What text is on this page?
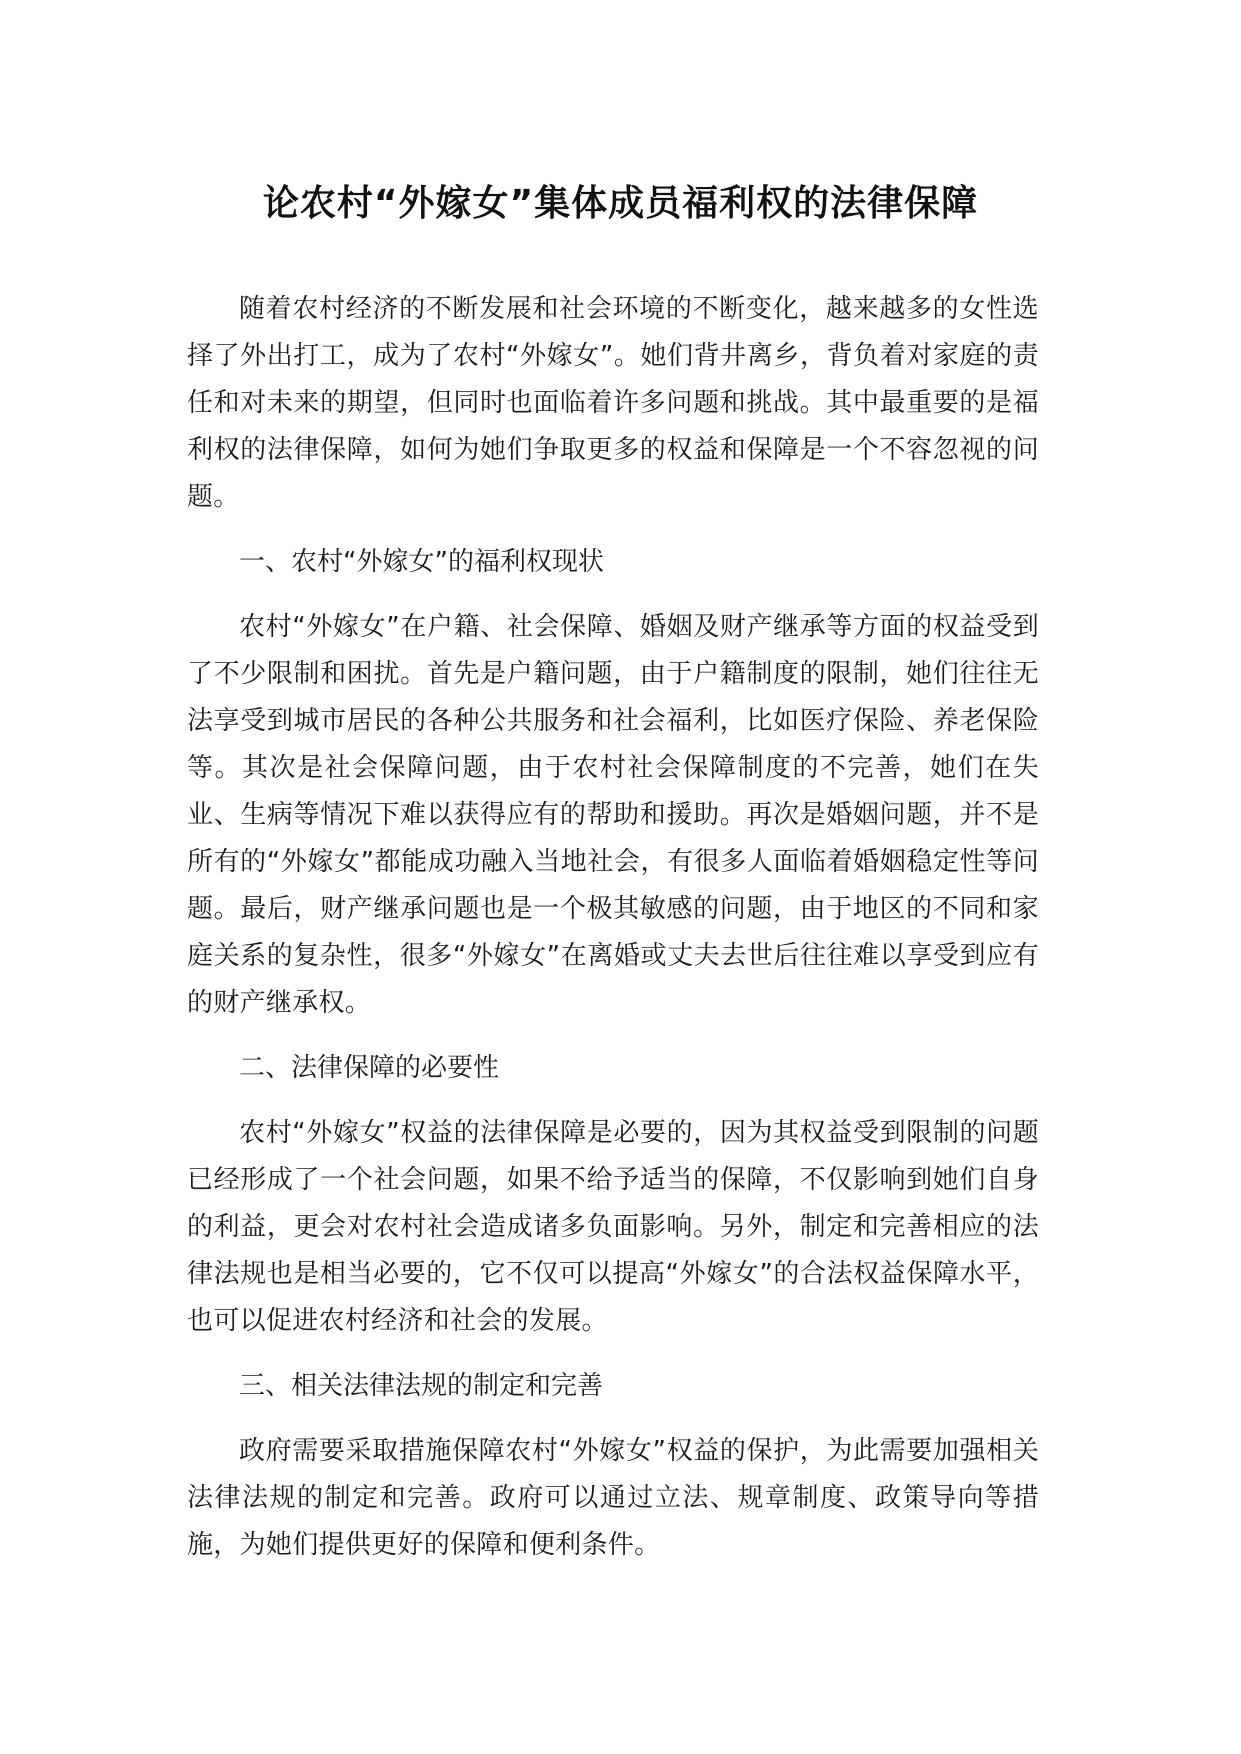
论农村“外嫁女”集体成员福利权的法律保障

随着农村经济的不断发展和社会环境的不断变化，越来越多的女性选择了外出打工，成为了农村“外嫁女”。她们背井离乡，背负着对家庭的责任和对未来的期望，但同时也面临着许多问题和挑战。其中最重要的是福利权的法律保障，如何为她们争取更多的权益和保障是一个不容忽视的问题。

一、农村“外嫁女”的福利权现状

农村“外嫁女”在户籍、社会保障、婚姻及财产继承等方面的权益受到了不少限制和困扰。首先是户籍问题，由于户籍制度的限制，她们往往无法享受到城市居民的各种公共服务和社会福利，比如医疗保险、养老保险等。其次是社会保障问题，由于农村社会保障制度的不完善，她们在失业、生病等情况下难以获得应有的帮助和援助。再次是婚姻问题，并不是所有的“外嫁女”都能成功融入当地社会，有很多人面临着婚姻稳定性等问题。最后，财产继承问题也是一个极其敏感的问题，由于地区的不同和家庭关系的复杂性，很多“外嫁女”在离婚或丈夫去世后往往难以享受到应有的财产继承权。

二、法律保障的必要性

农村“外嫁女”权益的法律保障是必要的，因为其权益受到限制的问题已经形成了一个社会问题，如果不给予适当的保障，不仅影响到她们自身的利益，更会对农村社会造成诸多负面影响。另外，制定和完善相应的法律法规也是相当必要的，它不仅可以提高“外嫁女”的合法权益保障水平，也可以促进农村经济和社会的发展。

三、相关法律法规的制定和完善

政府需要采取措施保障农村“外嫁女”权益的保护，为此需要加强相关法律法规的制定和完善。政府可以通过立法、规章制度、政策导向等措施，为她们提供更好的保障和便利条件。
